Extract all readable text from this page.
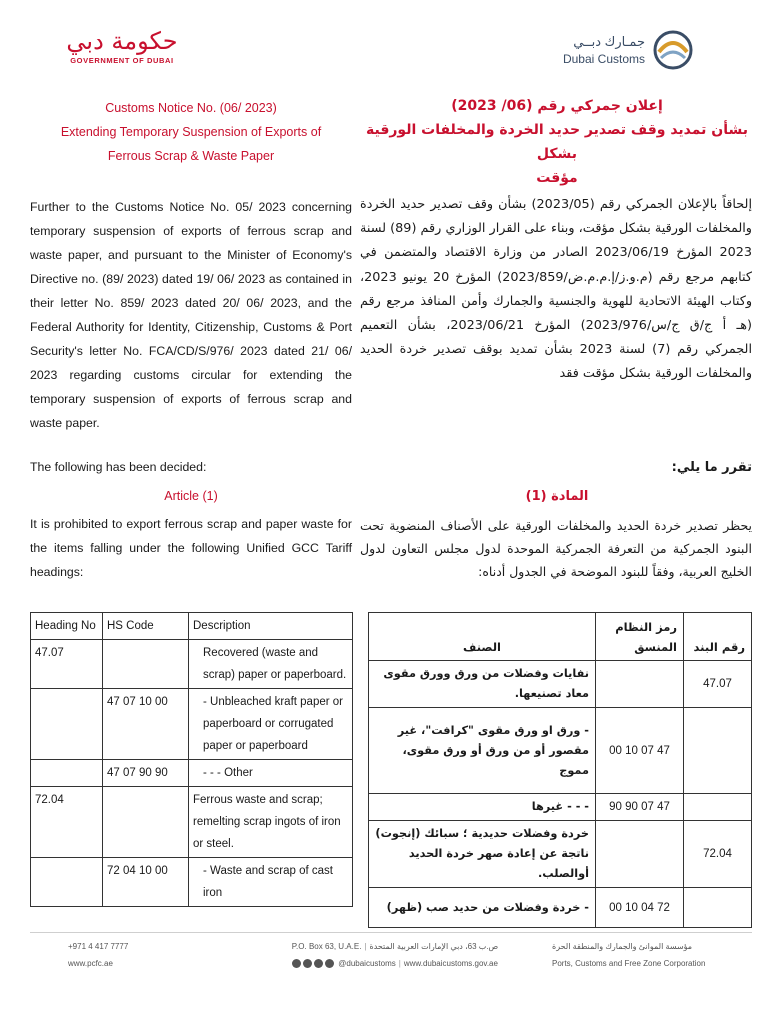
حكومة دبي
GOVERNMENT OF DUBAI
جمـارك دبــي
Dubai Customs
Customs Notice No. (06/ 2023)
Extending Temporary Suspension of Exports of
Ferrous Scrap & Waste Paper
إعلان جمركي رقم (06/ 2023)
بشأن تمديد وقف تصدير حديد الخردة والمخلفات الورقية بشكل
مؤقت

Further to the Customs Notice No. 05/ 2023 concerning temporary suspension of exports of ferrous scrap and waste paper, and pursuant to the Minister of Economy's Directive no. (89/ 2023) dated 19/ 06/ 2023 as contained in their letter No. 859/ 2023 dated 20/ 06/ 2023, and the Federal Authority for Identity, Citizenship, Customs & Port Security's letter No. FCA/CD/S/976/ 2023 dated 21/ 06/ 2023 regarding customs circular for extending the temporary suspension of exports of ferrous scrap and waste paper.

إلحاقاً بالإعلان الجمركي رقم (2023/05) بشأن وقف تصدير حديد الخردة والمخلفات الورقية بشكل مؤقت، وبناء على القرار الوزاري رقم (89) لسنة 2023 المؤرخ 2023/06/19 الصادر من وزارة الاقتصاد والمتضمن في كتابهم مرجع رقم (م.و.ز/إ.م.م.ض/2023/859) المؤرخ 20 يونيو 2023، وكتاب الهيئة الاتحادية للهوية والجنسية والجمارك وأمن المنافذ مرجع رقم (هـ أ ج/ق ج/س/2023/976) المؤرخ 2023/06/21، بشأن التعميم الجمركي رقم (7) لسنة 2023 بشأن تمديد بوقف تصدير خردة الحديد والمخلفات الورقية بشكل مؤقت فقد

The following has been decided:	تقرر ما يلي:
Article (1)	المادة (1)

It is prohibited to export ferrous scrap and paper waste for the items falling under the following Unified GCC Tariff headings:

يحظر تصدير خردة الحديد والمخلفات الورقية على الأصناف المنضوية تحت البنود الجمركية من التعرفة الجمركية الموحدة لدول مجلس التعاون لدول الخليج العربية، وفقاً للبنود الموضحة في الجدول أدناه:

Heading No	HS Code	Description
47.07		Recovered (waste and scrap) paper or paperboard.
	47 07 10 00	- Unbleached kraft paper or paperboard or corrugated paper or paperboard
	47 07 90 90	- - - Other
72.04		Ferrous waste and scrap; remelting scrap ingots of iron or steel.
	72 04 10 00	- Waste and scrap of cast iron
رقم البند	رمز النظام المنسق	الصنف
47.07		نفايات وفضلات من ورق وورق مقوى معاد تصنيعها.
	47 07 10 00	- ورق او ورق مقوى "كرافت"، غير مقصور أو من ورق أو ورق مقوى، مموج
	47 07 90 90	- - - غيرها
72.04		خردة وفضلات حديدية ؛ سبائك (إنجوت) ناتجة عن إعادة صهر خردة الحديد أوالصلب.
	72 04 10 00	- خردة وفضلات من حديد صب (ظهر)
+971 4 417 7777
www.pcfc.ae
P.O. Box 63, U.A.E. | ص.ب 63، دبي الإمارات العربية المتحدة
@dubaicustoms | www.dubaicustoms.gov.ae
مؤسسة الموانئ والجمارك والمنطقة الحرة
Ports, Customs and Free Zone Corporation
